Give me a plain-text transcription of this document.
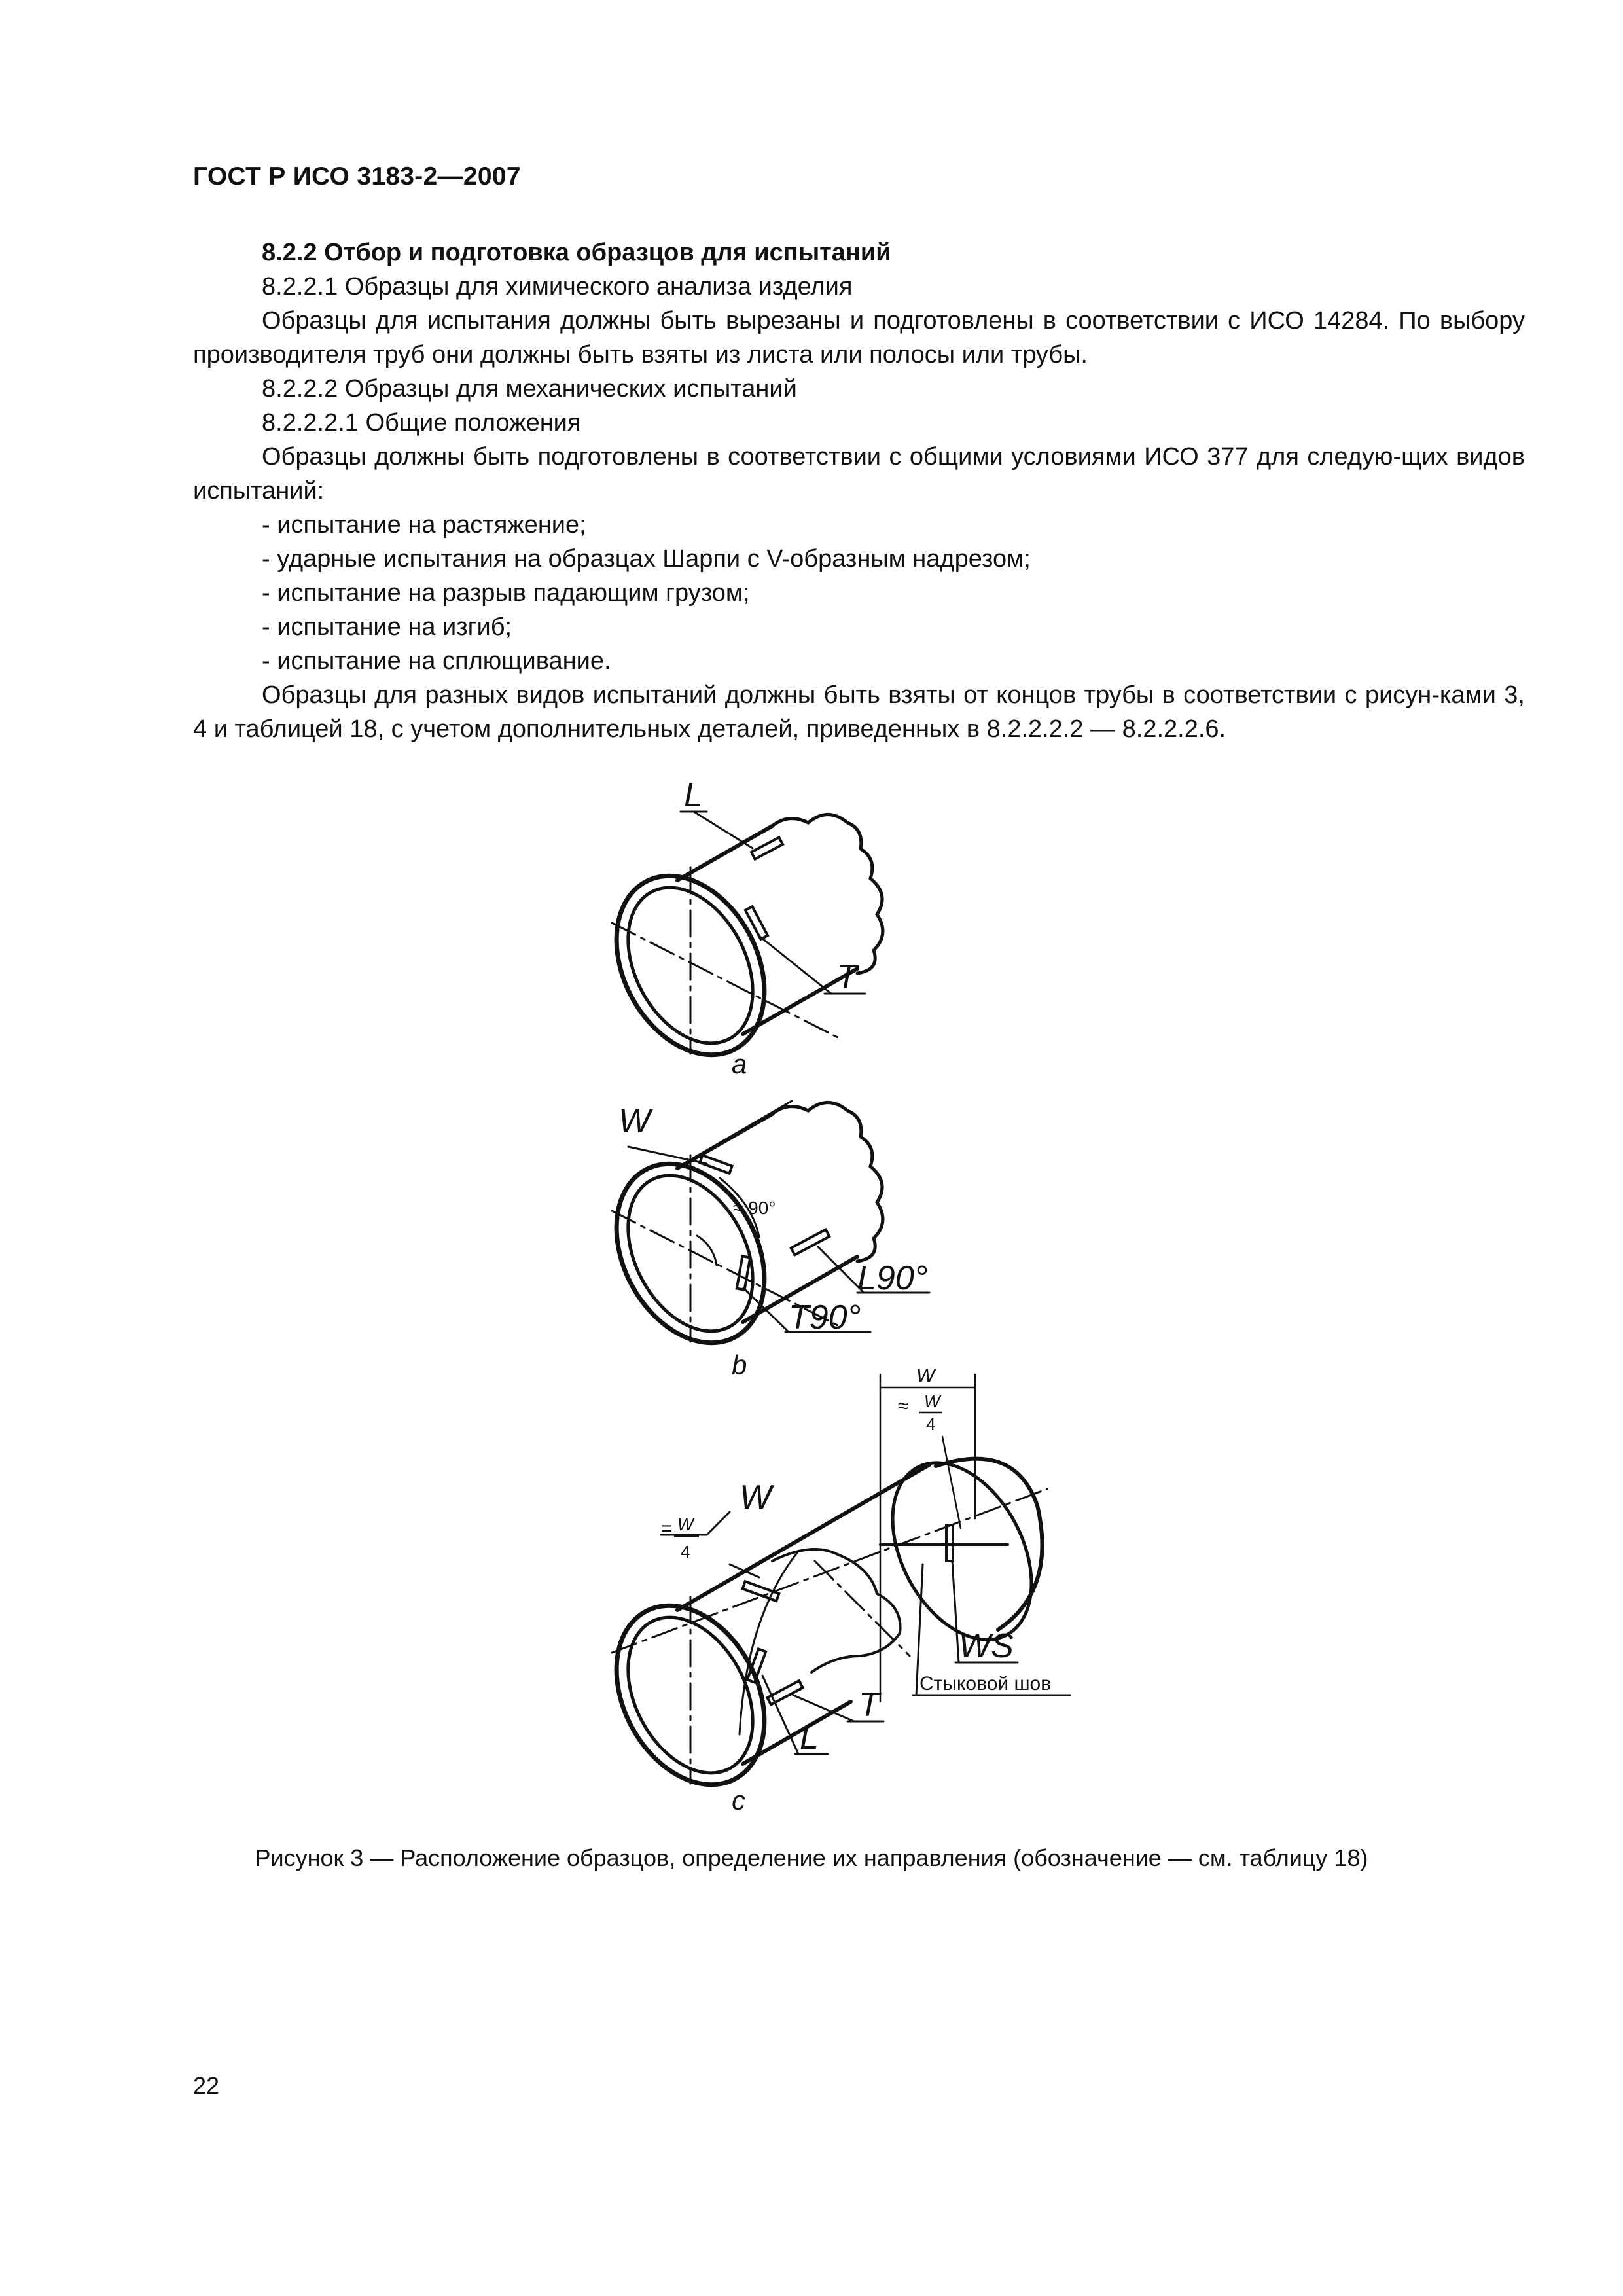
ГОСТ Р ИСО 3183-2—2007

8.2.2 Отбор и подготовка образцов для испытаний

8.2.2.1 Образцы для химического анализа изделия

Образцы для испытания должны быть вырезаны и подготовлены в соответствии с ИСО 14284. По выбору производителя труб они должны быть взяты из листа или полосы или трубы.

8.2.2.2 Образцы для механических испытаний

8.2.2.2.1 Общие положения

Образцы должны быть подготовлены в соответствии с общими условиями ИСО 377 для следую-щих видов испытаний:

- испытание на растяжение;

- ударные испытания на образцах Шарпи с V-образным надрезом;

- испытание на разрыв падающим грузом;

- испытание на изгиб;

- испытание на сплющивание.

Образцы для разных видов испытаний должны быть взяты от концов трубы в соответствии с рисун-ками 3, 4 и таблицей 18, с учетом дополнительных деталей, приведенных в 8.2.2.2.2 — 8.2.2.2.6.

L
T
a
W
≈ 90°
L90°
T90°
b	W
≈ W
4
= W
4
W
WS
Стыковой шов
T
L
c
Рисунок 3 — Расположение образцов, определение их направления (обозначение — см. таблицу 18)
22
